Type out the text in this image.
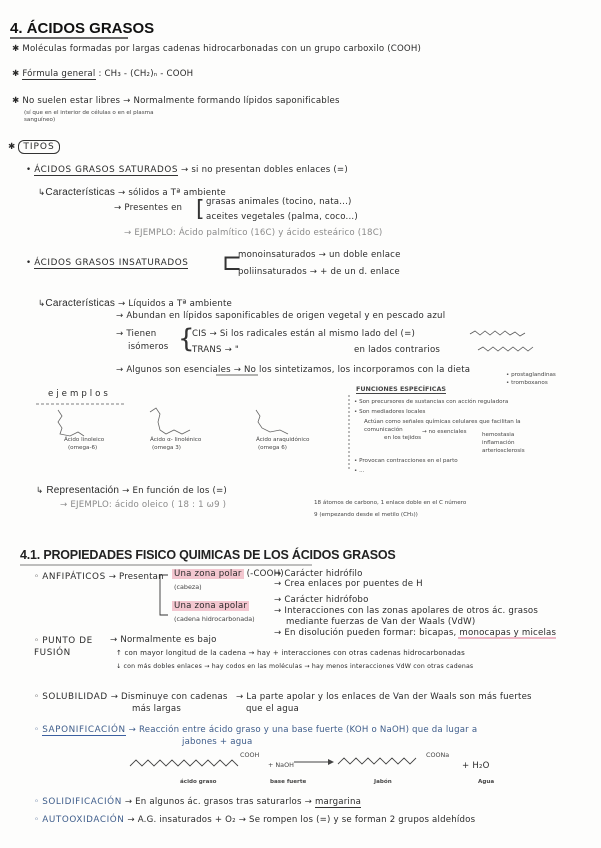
4. ÁCIDOS GRASOS
✱ Moléculas formadas por largas cadenas hidrocarbonadas con un grupo carboxilo (COOH)
✱ Fórmula general : CH₃ - (CH₂)ₙ - COOH
✱ No suelen estar libres → Normalmente formando lípidos saponificables
(sí que en el interior de células o en el plasma sanguíneo)
✱ TIPOS
• ÁCIDOS GRASOS SATURADOS → si no presentan dobles enlaces (=)
↳Características → sólidos a Tª ambiente
→ Presentes en [ grasas animales (tocino, nata...)
aceites vegetales (palma, coco...)
→ EJEMPLO: Ácido palmítico (16C) y ácido esteárico (18C)
• ÁCIDOS GRASOS INSATURADOS ⊏
monoinsaturados → un doble enlace
poliinsaturados → + de un d. enlace
↳Características → Líquidos a Tª ambiente
→ Abundan en lípidos saponificables de origen vegetal y en pescado azul
→ Tienen
isómeros {
CIS → Si los radicales están al mismo lado del (=)
TRANS → "	en lados contrarios
→ Algunos son esenciales → No los sintetizamos, los incorporamos con la dieta
ejemplos
Ácido linoleico
(omega-6)
Ácido α- linolénico
(omega 3)
Ácido araquidónico
(omega 6)
FUNCIONES ESPECÍFICAS
• prostaglandinas
• tromboxanos
• Son precursores de sustancias con acción reguladora
• Son mediadores locales
Actúan como señales químicas celulares que facilitan la
comunicación
en los tejidos
→ no esenciales	hemostasia
inflamación
arteriosclerosis
• Provocan contracciones en el parto
• ...
↳ Representación → En función de los (=)
→ EJEMPLO: ácido oleico ( 18 : 1 ω9 )	18 átomos de carbono, 1 enlace doble en el C número
9 (empezando desde el metilo (CH₃))
4.1. PROPIEDADES FISICO QUIMICAS DE LOS ÁCIDOS GRASOS
◦ ANFIPÁTICOS → Presentan Una zona polar (-COOH)
(cabeza)
→ Carácter hidrófilo
→ Crea enlaces por puentes de H
Una zona apolar
(cadena hidrocarbonada)
→ Carácter hidrófobo
→ Interacciones con las zonas apolares de otros ác. grasos
mediante fuerzas de Van der Waals (VdW)
→ En disolución pueden formar: bicapas, monocapas y micelas
◦ PUNTO DE FUSIÓN
→ Normalmente es bajo
↑ con mayor longitud de la cadena → hay + interacciones con otras cadenas hidrocarbonadas
↓ con más dobles enlaces → hay codos en las moléculas → hay menos interacciones VdW con otras cadenas
◦ SOLUBILIDAD → Disminuye con cadenas
más largas
→ La parte apolar y los enlaces de Van der Waals son más fuertes
que el agua
◦ SAPONIFICACIÓN → Reacción entre ácido graso y una base fuerte (KOH o NaOH) que da lugar a
jabones + agua
COOH
+ NaOH
COONa
+ H₂O
ácido graso	base fuerte	Jabón	Agua
◦ SOLIDIFICACIÓN → En algunos ác. grasos tras saturarlos → margarina
◦ AUTOOXIDACIÓN → A.G. insaturados + O₂ → Se rompen los (=) y se forman 2 grupos aldehídos
